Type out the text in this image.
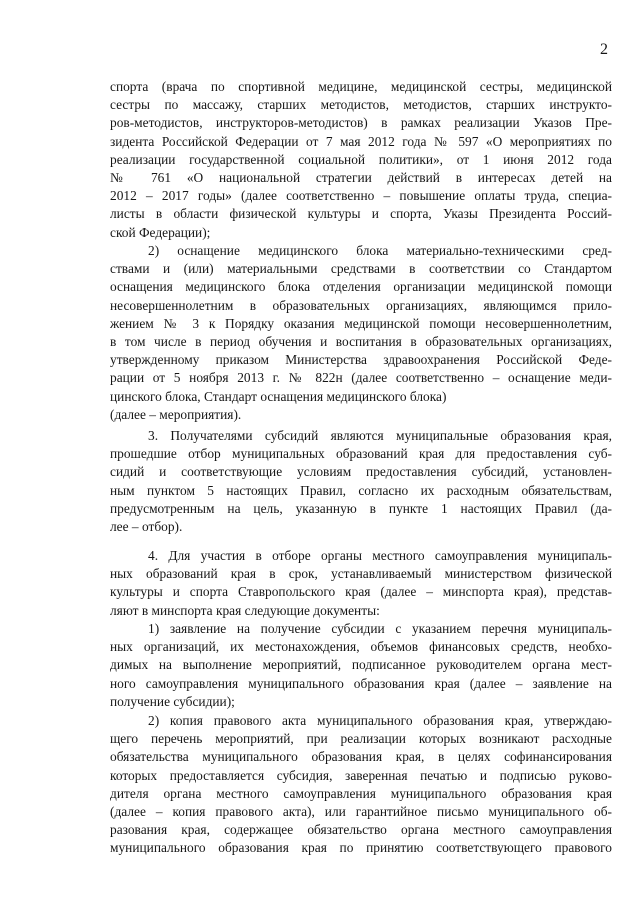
2
спорта (врача по спортивной медицине, медицинской сестры, медицинской
сестры по массажу, старших методистов, методистов, старших инструкто-
ров-методистов, инструкторов-методистов) в рамках реализации Указов Пре-
зидента Российской Федерации от 7 мая 2012 года № 597 «О мероприятиях по
реализации государственной социальной политики», от 1 июня 2012 года
№ 761 «О национальной стратегии действий в интересах детей на
2012 – 2017 годы» (далее соответственно – повышение оплаты труда, специа-
листы в области физической культуры и спорта, Указы Президента Россий-
ской Федерации);
2) оснащение медицинского блока материально-техническими сред-
ствами и (или) материальными средствами в соответствии со Стандартом
оснащения медицинского блока отделения организации медицинской помощи
несовершеннолетним в образовательных организациях, являющимся прило-
жением № 3 к Порядку оказания медицинской помощи несовершеннолетним,
в том числе в период обучения и воспитания в образовательных организациях,
утвержденному приказом Министерства здравоохранения Российской Феде-
рации от 5 ноября 2013 г. № 822н (далее соответственно – оснащение меди-
цинского блока, Стандарт оснащения медицинского блока)
(далее – мероприятия).
3. Получателями субсидий являются муниципальные образования края,
прошедшие отбор муниципальных образований края для предоставления суб-
сидий и соответствующие условиям предоставления субсидий, установлен-
ным пунктом 5 настоящих Правил, согласно их расходным обязательствам,
предусмотренным на цель, указанную в пункте 1 настоящих Правил (да-
лее – отбор).
4. Для участия в отборе органы местного самоуправления муниципаль-
ных образований края в срок, устанавливаемый министерством физической
культуры и спорта Ставропольского края (далее – минспорта края), представ-
ляют в минспорта края следующие документы:
1) заявление на получение субсидии с указанием перечня муниципаль-
ных организаций, их местонахождения, объемов финансовых средств, необхо-
димых на выполнение мероприятий, подписанное руководителем органа мест-
ного самоуправления муниципального образования края (далее – заявление на
получение субсидии);
2) копия правового акта муниципального образования края, утверждаю-
щего перечень мероприятий, при реализации которых возникают расходные
обязательства муниципального образования края, в целях софинансирования
которых предоставляется субсидия, заверенная печатью и подписью руково-
дителя органа местного самоуправления муниципального образования края
(далее – копия правового акта), или гарантийное письмо муниципального об-
разования края, содержащее обязательство органа местного самоуправления
муниципального образования края по принятию соответствующего правового
